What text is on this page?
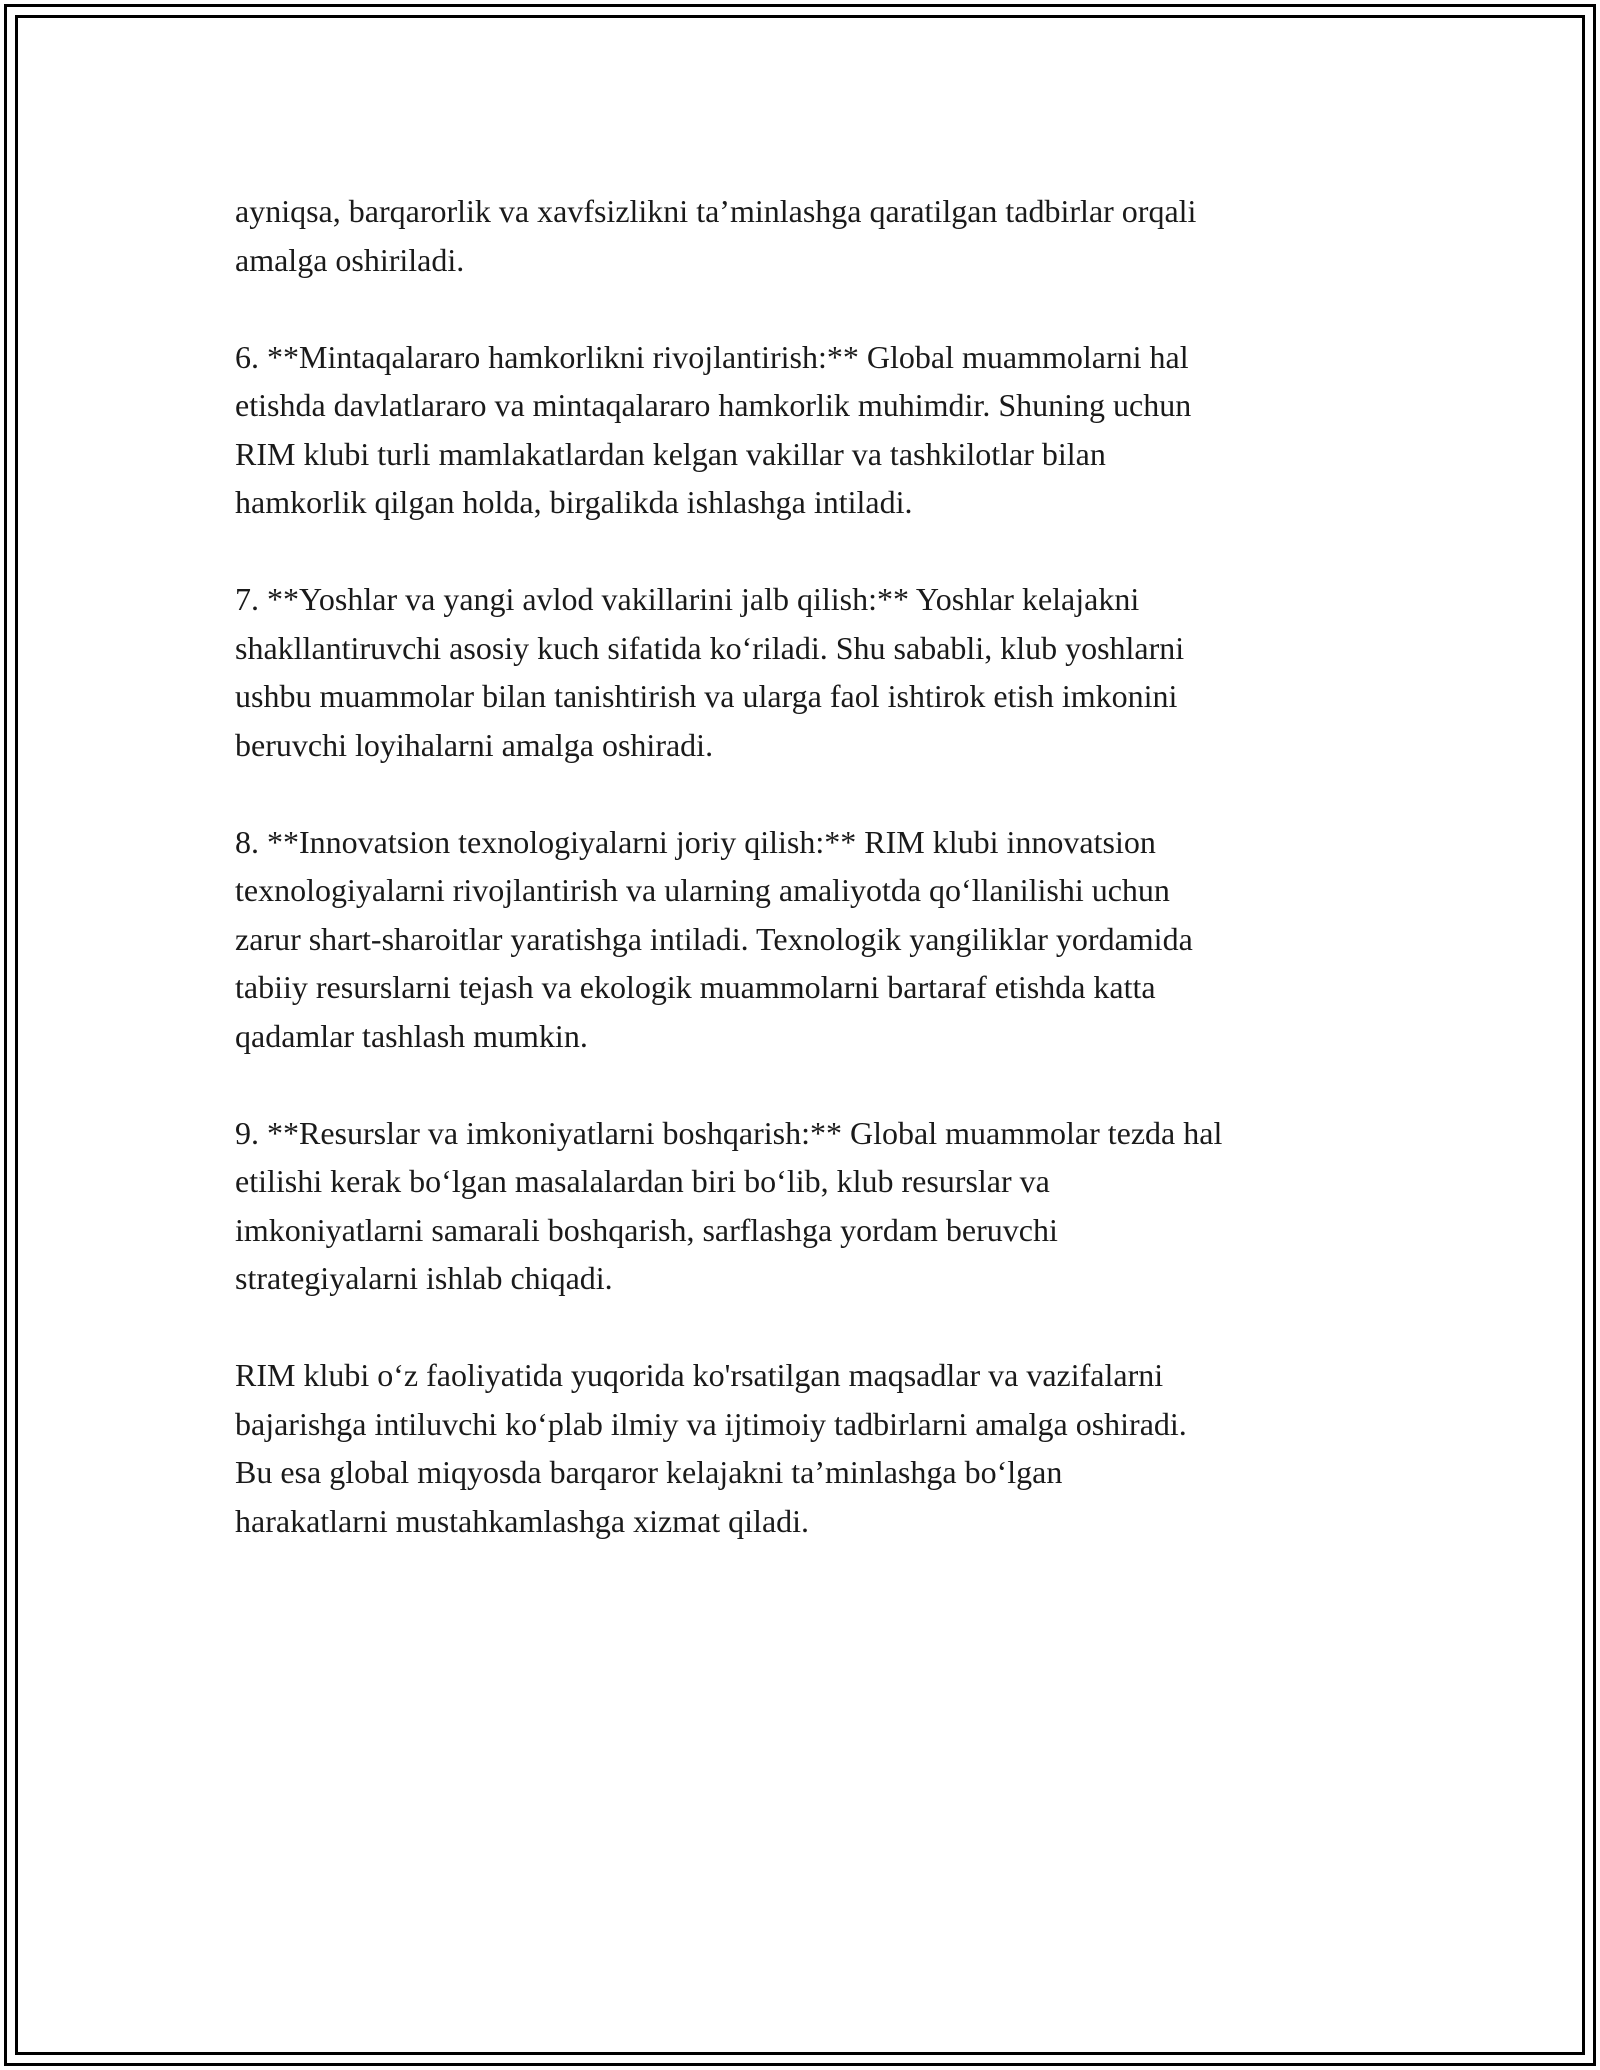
ayniqsa, barqarorlik va xavfsizlikni ta’minlashga qaratilgan tadbirlar orqali
amalga oshiriladi.

6. **Mintaqalararo hamkorlikni rivojlantirish:** Global muammolarni hal
etishda davlatlararo va mintaqalararo hamkorlik muhimdir. Shuning uchun
RIM klubi turli mamlakatlardan kelgan vakillar va tashkilotlar bilan
hamkorlik qilgan holda, birgalikda ishlashga intiladi.

7. **Yoshlar va yangi avlod vakillarini jalb qilish:** Yoshlar kelajakni
shakllantiruvchi asosiy kuch sifatida ko‘riladi. Shu sababli, klub yoshlarni
ushbu muammolar bilan tanishtirish va ularga faol ishtirok etish imkonini
beruvchi loyihalarni amalga oshiradi.

8. **Innovatsion texnologiyalarni joriy qilish:** RIM klubi innovatsion
texnologiyalarni rivojlantirish va ularning amaliyotda qo‘llanilishi uchun
zarur shart-sharoitlar yaratishga intiladi. Texnologik yangiliklar yordamida
tabiiy resurslarni tejash va ekologik muammolarni bartaraf etishda katta
qadamlar tashlash mumkin.

9. **Resurslar va imkoniyatlarni boshqarish:** Global muammolar tezda hal
etilishi kerak bo‘lgan masalalardan biri bo‘lib, klub resurslar va
imkoniyatlarni samarali boshqarish, sarflashga yordam beruvchi
strategiyalarni ishlab chiqadi.

RIM klubi o‘z faoliyatida yuqorida ko'rsatilgan maqsadlar va vazifalarni
bajarishga intiluvchi ko‘plab ilmiy va ijtimoiy tadbirlarni amalga oshiradi.
Bu esa global miqyosda barqaror kelajakni ta’minlashga bo‘lgan
harakatlarni mustahkamlashga xizmat qiladi.
